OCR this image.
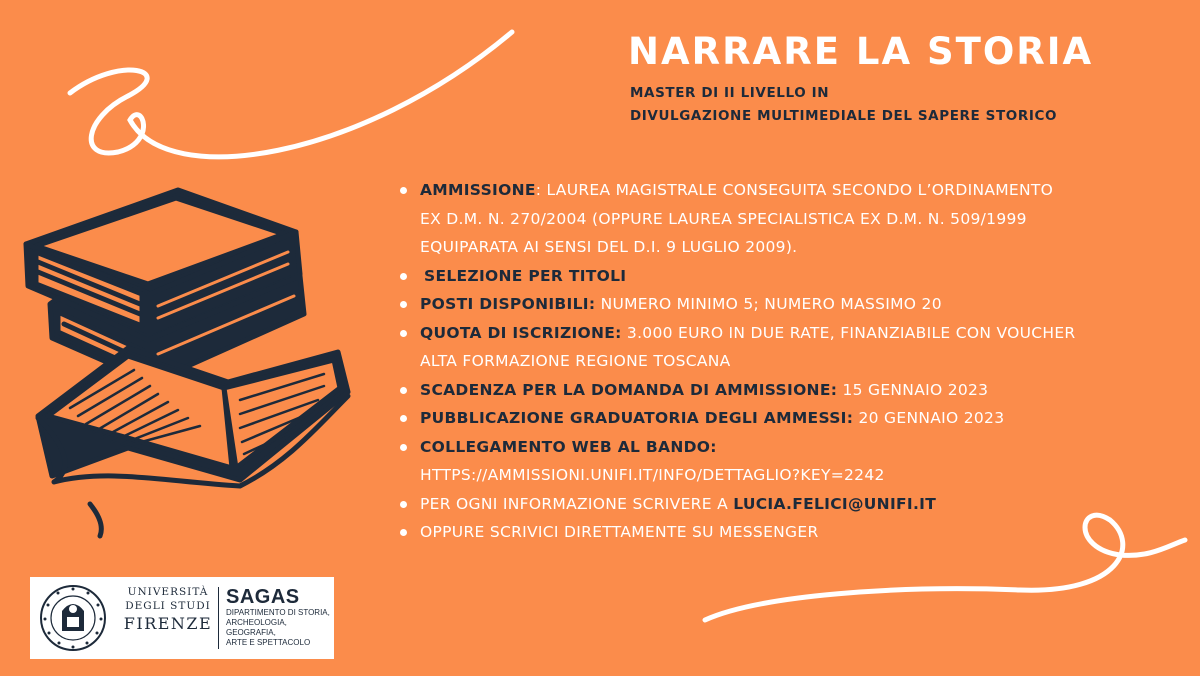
NARRARE LA STORIA
MASTER DI II LIVELLO IN
DIVULGAZIONE MULTIMEDIALE DEL SAPERE STORICO
AMMISSIONE: LAUREA MAGISTRALE CONSEGUITA SECONDO L’ORDINAMENTO
EX D.M. N. 270/2004 (OPPURE LAUREA SPECIALISTICA EX D.M. N. 509/1999
EQUIPARATA AI SENSI DEL D.I. 9 LUGLIO 2009).
SELEZIONE PER TITOLI
POSTI DISPONIBILI: NUMERO MINIMO 5; NUMERO MASSIMO 20
QUOTA DI ISCRIZIONE: 3.000 EURO IN DUE RATE, FINANZIABILE CON VOUCHER
ALTA FORMAZIONE REGIONE TOSCANA
SCADENZA PER LA DOMANDA DI AMMISSIONE: 15 GENNAIO 2023
PUBBLICAZIONE GRADUATORIA DEGLI AMMESSI: 20 GENNAIO 2023
COLLEGAMENTO WEB AL BANDO:
HTTPS://AMMISSIONI.UNIFI.IT/INFO/DETTAGLIO?KEY=2242
PER OGNI INFORMAZIONE SCRIVERE A LUCIA.FELICI@UNIFI.IT
OPPURE SCRIVICI DIRETTAMENTE SU MESSENGER
UNIVERSITÀ
DEGLI STUDI
FIRENZE
SAGAS
DIPARTIMENTO DI STORIA,
ARCHEOLOGIA, GEOGRAFIA,
ARTE E SPETTACOLO
